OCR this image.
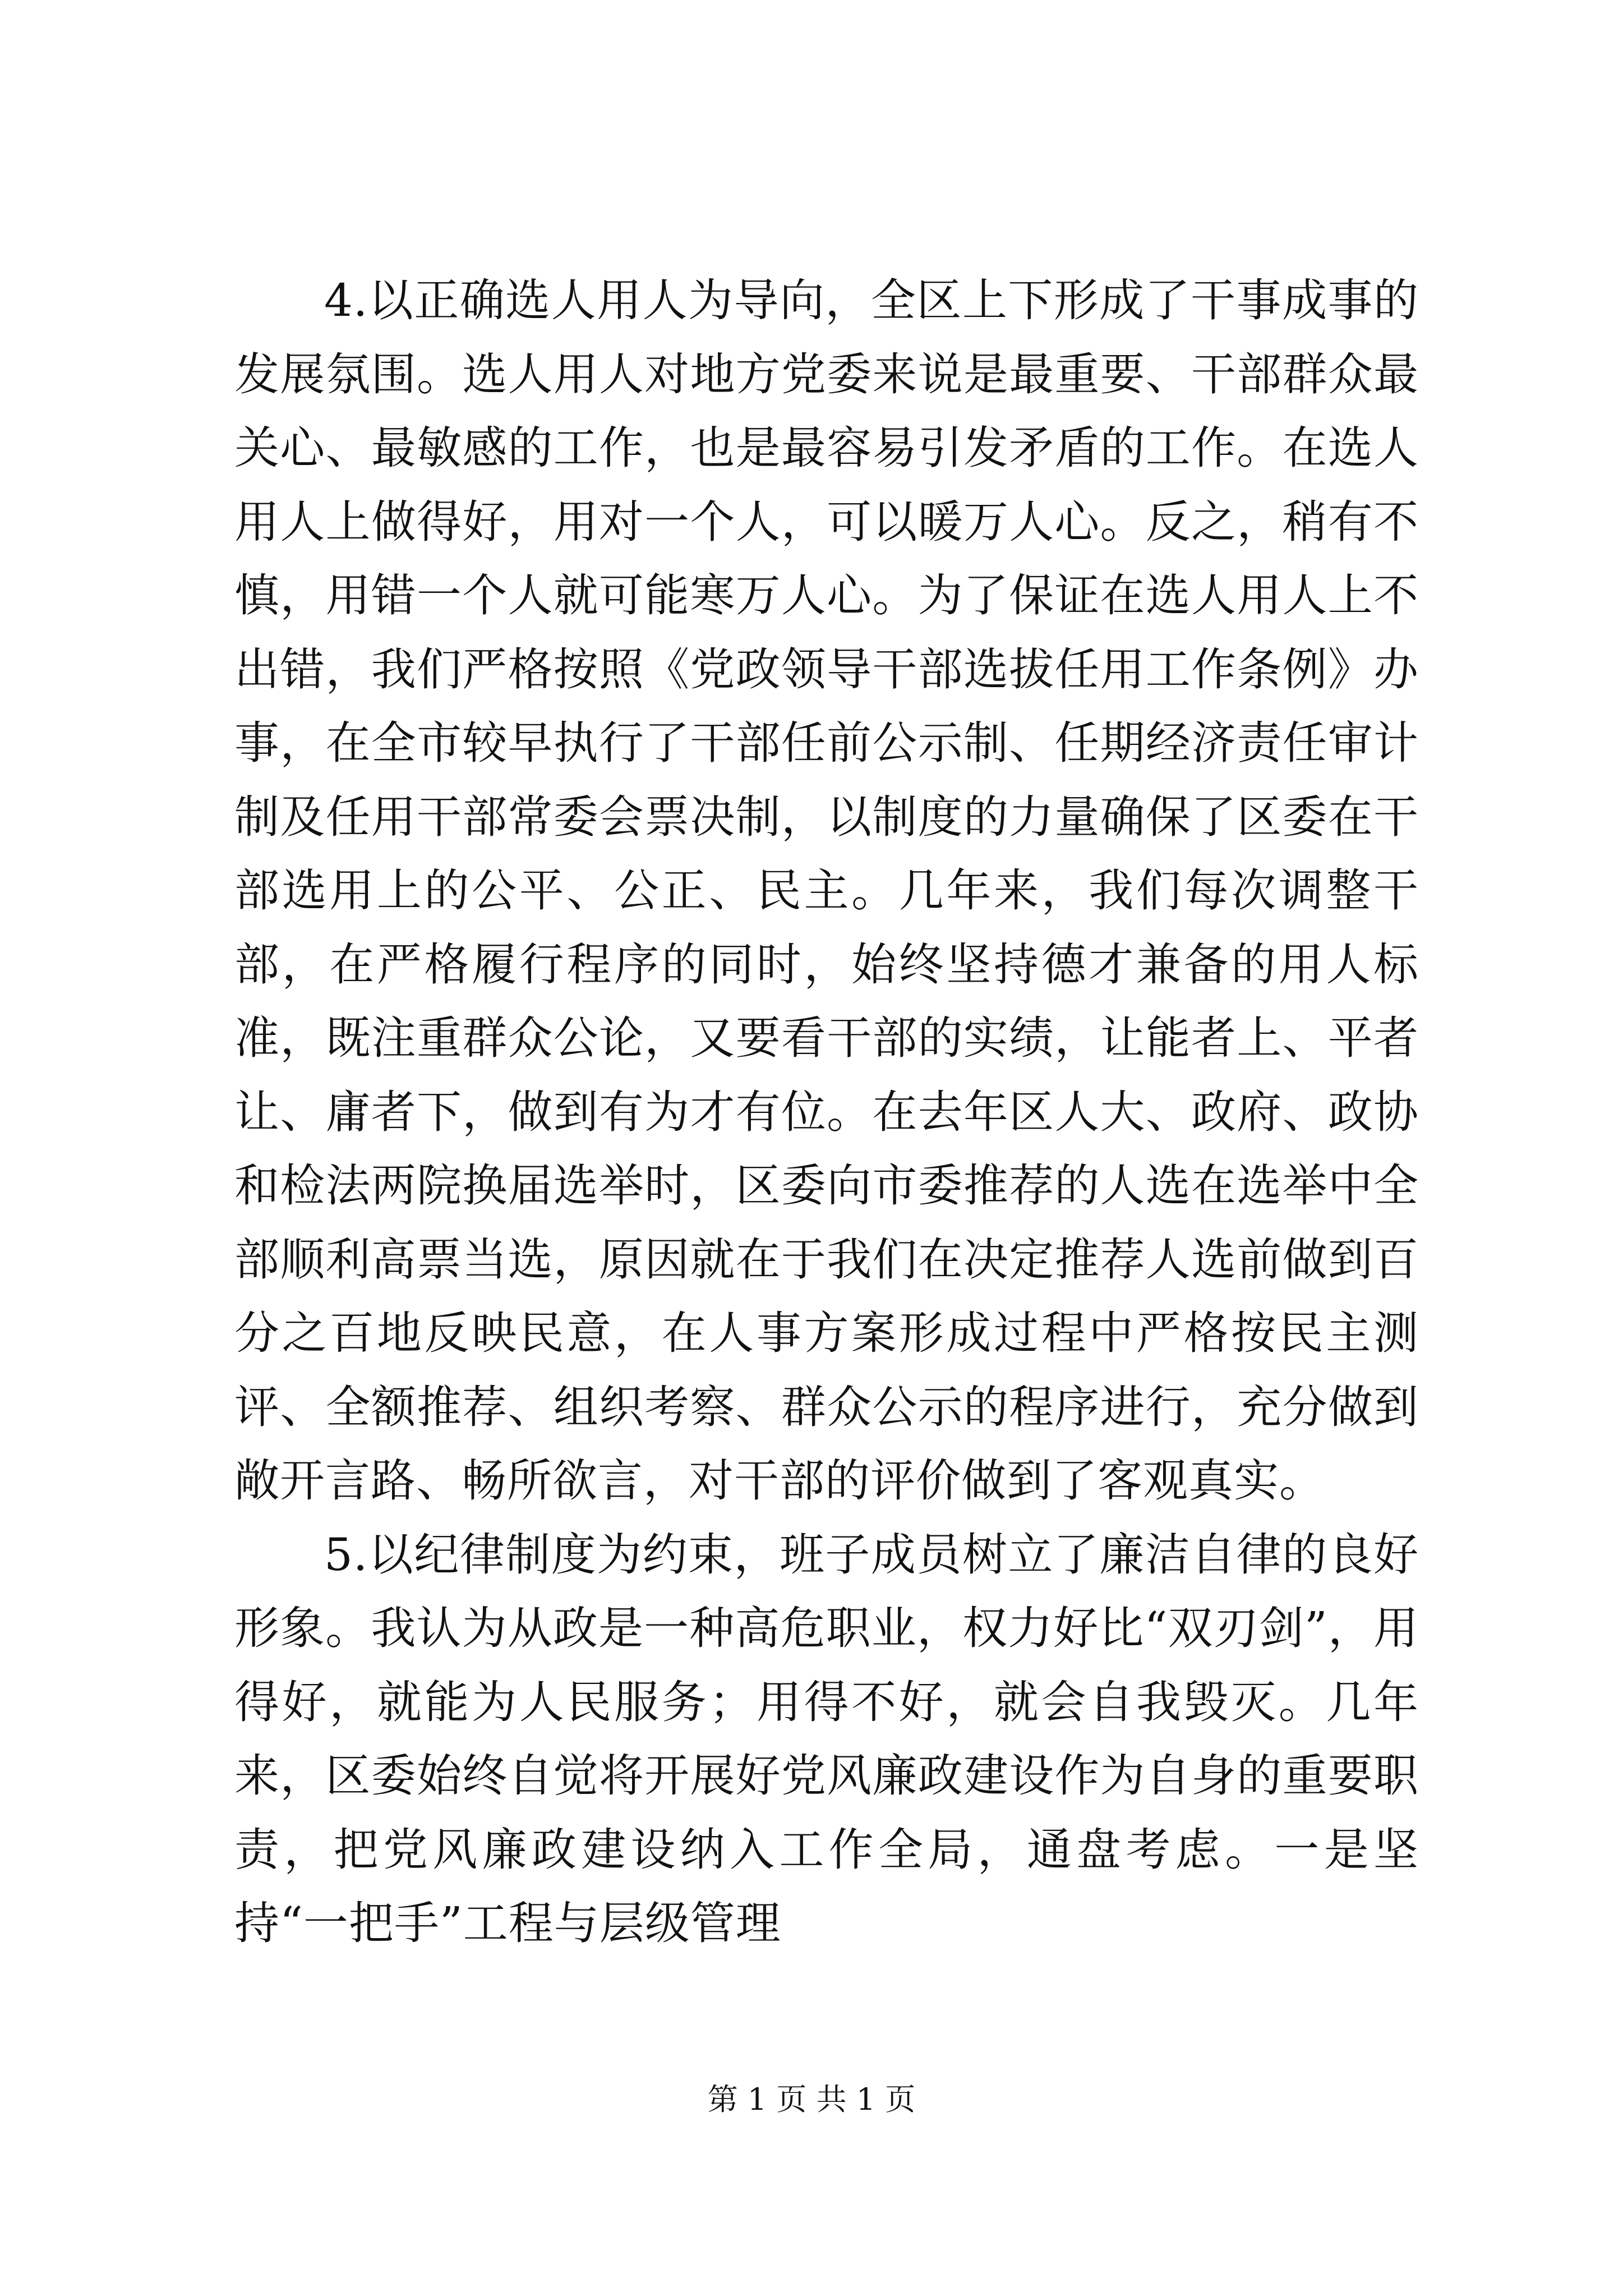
4.以正确选人用人为导向，全区上下形成了干事成事的发展氛围。选人用人对地方党委来说是最重要、干部群众最关心、最敏感的工作，也是最容易引发矛盾的工作。在选人用人上做得好，用对一个人，可以暖万人心。反之，稍有不慎，用错一个人就可能寒万人心。为了保证在选人用人上不出错，我们严格按照《党政领导干部选拔任用工作条例》办事，在全市较早执行了干部任前公示制、任期经济责任审计制及任用干部常委会票决制，以制度的力量确保了区委在干部选用上的公平、公正、民主。几年来，我们每次调整干部，在严格履行程序的同时，始终坚持德才兼备的用人标准，既注重群众公论，又要看干部的实绩，让能者上、平者让、庸者下，做到有为才有位。在去年区人大、政府、政协和检法两院换届选举时，区委向市委推荐的人选在选举中全部顺利高票当选，原因就在于我们在决定推荐人选前做到百分之百地反映民意，在人事方案形成过程中严格按民主测评、全额推荐、组织考察、群众公示的程序进行，充分做到敞开言路、畅所欲言，对干部的评价做到了客观真实。

5.以纪律制度为约束，班子成员树立了廉洁自律的良好形象。我认为从政是一种高危职业，权力好比“双刃剑”，用得好，就能为人民服务；用得不好，就会自我毁灭。几年来，区委始终自觉将开展好党风廉政建设作为自身的重要职责，把党风廉政建设纳入工作全局，通盘考虑。一是坚持“一把手”工程与层级管理

第 1 页 共 1 页
